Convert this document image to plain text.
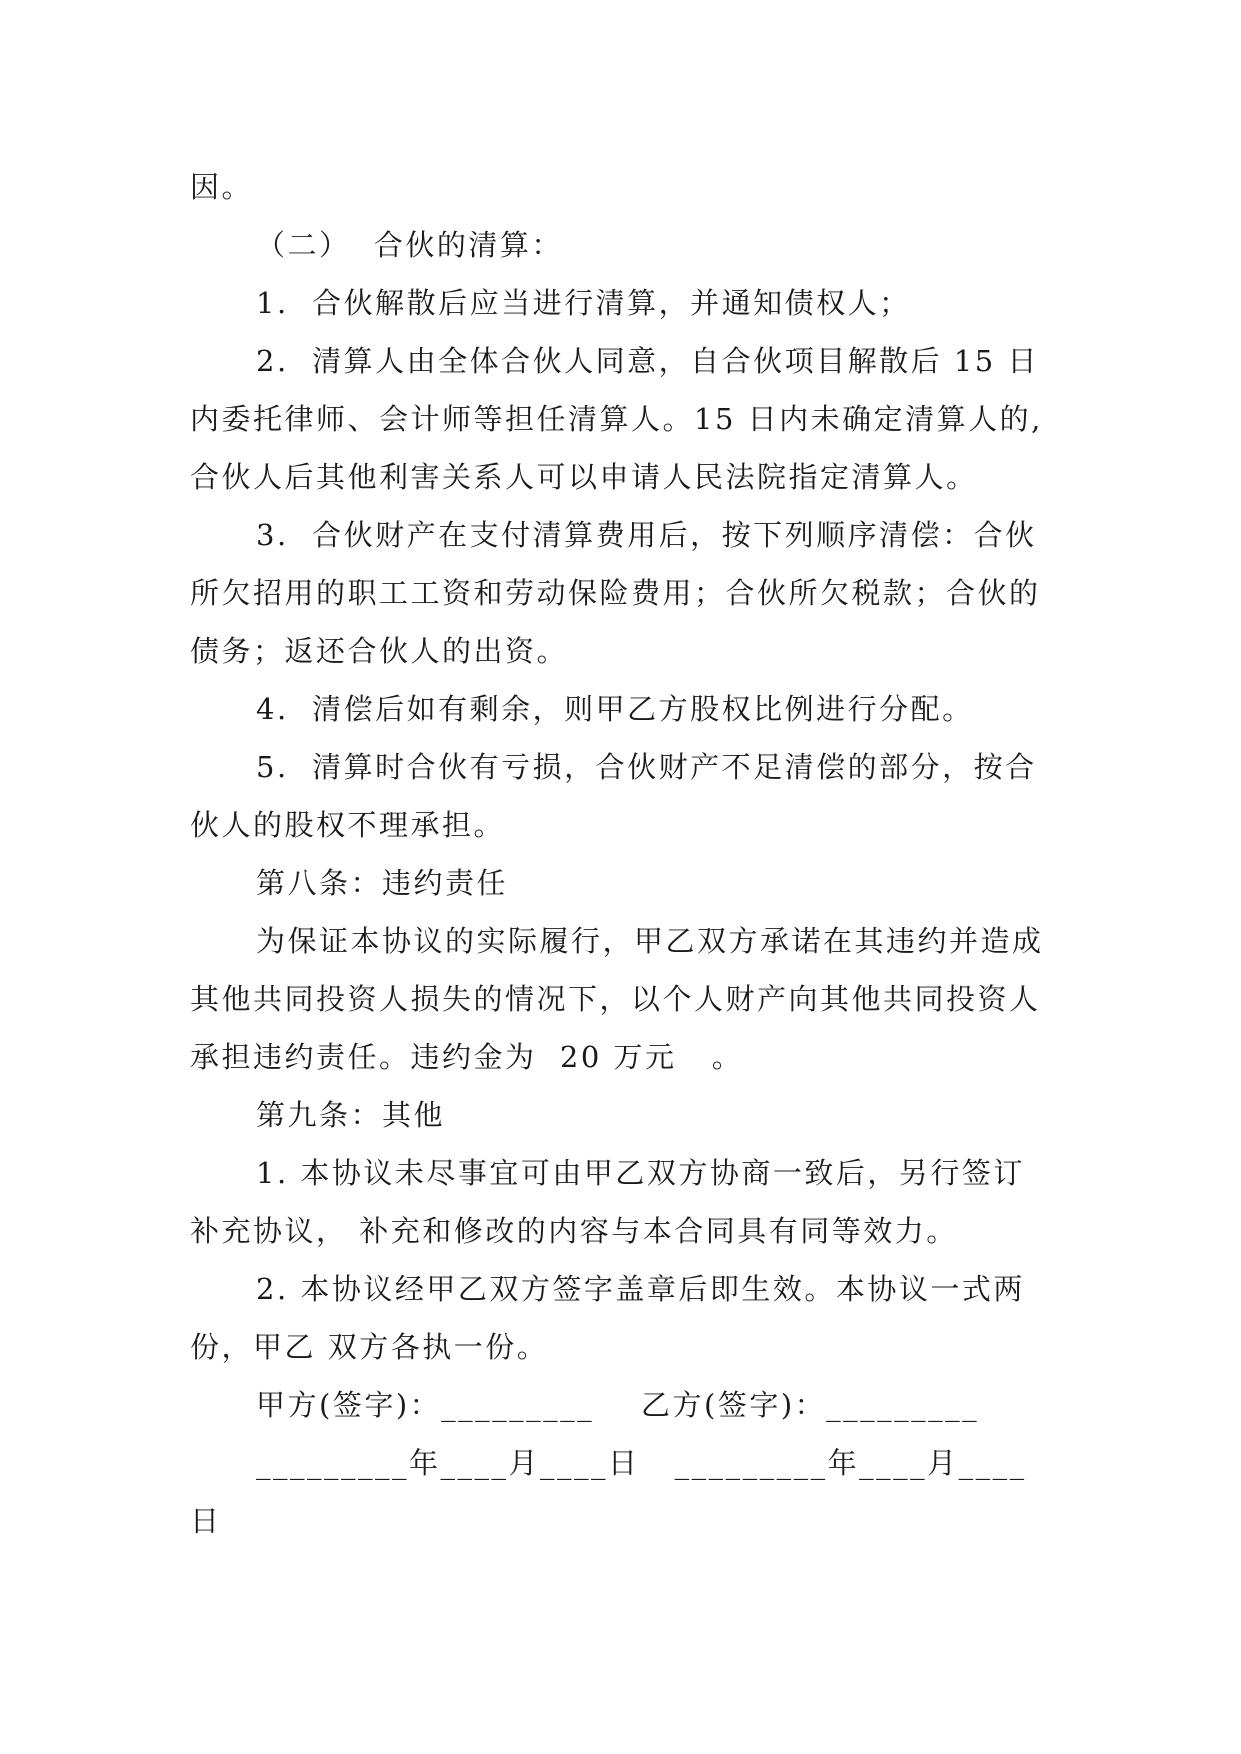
因。

（二）  合伙的清算：

1.  合伙解散后应当进行清算，并通知债权人；

2.  清算人由全体合伙人同意，自合伙项目解散后 15 日内委托律师、会计师等担任清算人。15 日内未确定清算人的,合伙人后其他利害关系人可以申请人民法院指定清算人。

3.  合伙财产在支付清算费用后，按下列顺序清偿：合伙所欠招用的职工工资和劳动保险费用；合伙所欠税款；合伙的债务；返还合伙人的出资。

4.  清偿后如有剩余，则甲乙方股权比例进行分配。

5.  清算时合伙有亏损，合伙财产不足清偿的部分，按合伙人的股权不理承担。

第八条：违约责任

为保证本协议的实际履行，甲乙双方承诺在其违约并造成其他共同投资人损失的情况下，以个人财产向其他共同投资人承担违约责任。违约金为  20 万元   。

第九条：其他

1. 本协议未尽事宜可由甲乙双方协商一致后，另行签订补充协议， 补充和修改的内容与本合同具有同等效力。

2. 本协议经甲乙双方签字盖章后即生效。本协议一式两份，甲乙 双方各执一份。

甲方(签字)：_________ 乙方(签字)：_________

_________年____月____日 _________年____月____日
